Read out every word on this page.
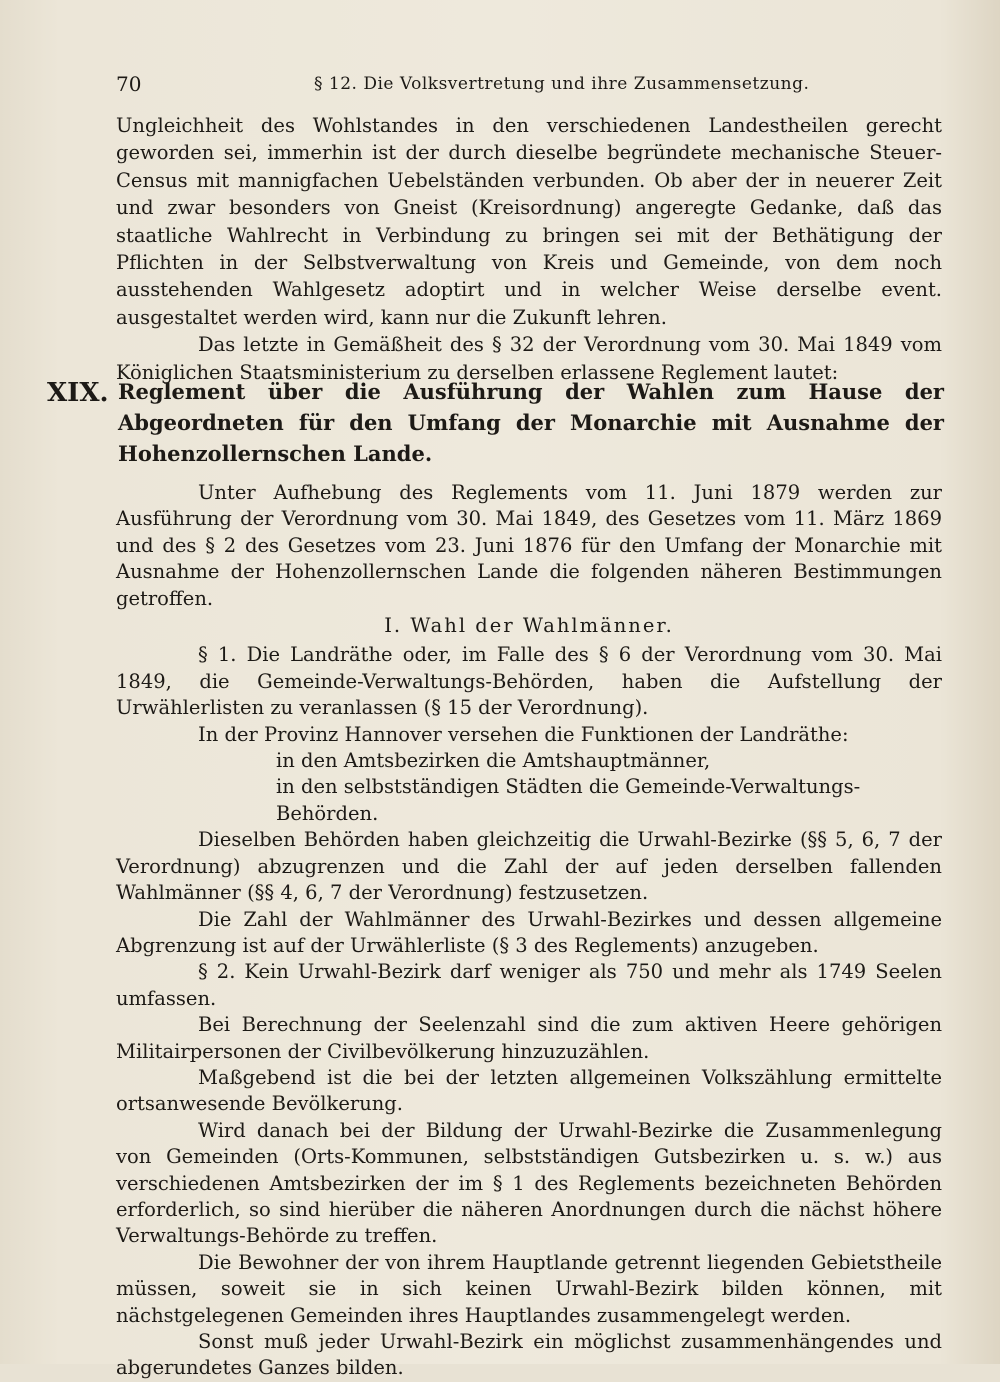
70	§ 12. Die Volksvertretung und ihre Zusammensetzung.

Ungleichheit des Wohlstandes in den verschiedenen Landestheilen gerecht geworden sei, immerhin ist der durch dieselbe begründete mechanische Steuer-Census mit mannigfachen Uebelständen verbunden. Ob aber der in neuerer Zeit und zwar besonders von Gneist (Kreisordnung) angeregte Gedanke, daß das staatliche Wahlrecht in Verbindung zu bringen sei mit der Bethätigung der Pflichten in der Selbstverwaltung von Kreis und Gemeinde, von dem noch ausstehenden Wahlgesetz adoptirt und in welcher Weise derselbe event. ausgestaltet werden wird, kann nur die Zukunft lehren.

Das letzte in Gemäßheit des § 32 der Verordnung vom 30. Mai 1849 vom Königlichen Staatsministerium zu derselben erlassene Reglement lautet:

XIX. Reglement über die Ausführung der Wahlen zum Hause der Abgeordneten für den Umfang der Monarchie mit Ausnahme der Hohenzollernschen Lande.

Unter Aufhebung des Reglements vom 11. Juni 1879 werden zur Ausführung der Verordnung vom 30. Mai 1849, des Gesetzes vom 11. März 1869 und des § 2 des Gesetzes vom 23. Juni 1876 für den Umfang der Monarchie mit Ausnahme der Hohenzollernschen Lande die folgenden näheren Bestimmungen getroffen.

I. Wahl der Wahlmänner.

§ 1. Die Landräthe oder, im Falle des § 6 der Verordnung vom 30. Mai 1849, die Gemeinde-Verwaltungs-Behörden, haben die Aufstellung der Urwählerlisten zu veranlassen (§ 15 der Verordnung).

In der Provinz Hannover versehen die Funktionen der Landräthe:

in den Amtsbezirken die Amtshauptmänner,

in den selbstständigen Städten die Gemeinde-Verwaltungs-Behörden.

Dieselben Behörden haben gleichzeitig die Urwahl-Bezirke (§§ 5, 6, 7 der Verordnung) abzugrenzen und die Zahl der auf jeden derselben fallenden Wahlmänner (§§ 4, 6, 7 der Verordnung) festzusetzen.

Die Zahl der Wahlmänner des Urwahl-Bezirkes und dessen allgemeine Abgrenzung ist auf der Urwählerliste (§ 3 des Reglements) anzugeben.

§ 2. Kein Urwahl-Bezirk darf weniger als 750 und mehr als 1749 Seelen umfassen.

Bei Berechnung der Seelenzahl sind die zum aktiven Heere gehörigen Militairpersonen der Civilbevölkerung hinzuzuzählen.

Maßgebend ist die bei der letzten allgemeinen Volkszählung ermittelte ortsanwesende Bevölkerung.

Wird danach bei der Bildung der Urwahl-Bezirke die Zusammenlegung von Gemeinden (Orts-Kommunen, selbstständigen Gutsbezirken u. s. w.) aus verschiedenen Amtsbezirken der im § 1 des Reglements bezeichneten Behörden erforderlich, so sind hierüber die näheren Anordnungen durch die nächst höhere Verwaltungs-Behörde zu treffen.

Die Bewohner der von ihrem Hauptlande getrennt liegenden Gebietstheile müssen, soweit sie in sich keinen Urwahl-Bezirk bilden können, mit nächstgelegenen Gemeinden ihres Hauptlandes zusammengelegt werden.

Sonst muß jeder Urwahl-Bezirk ein möglichst zusammenhängendes und abgerundetes Ganzes bilden.
